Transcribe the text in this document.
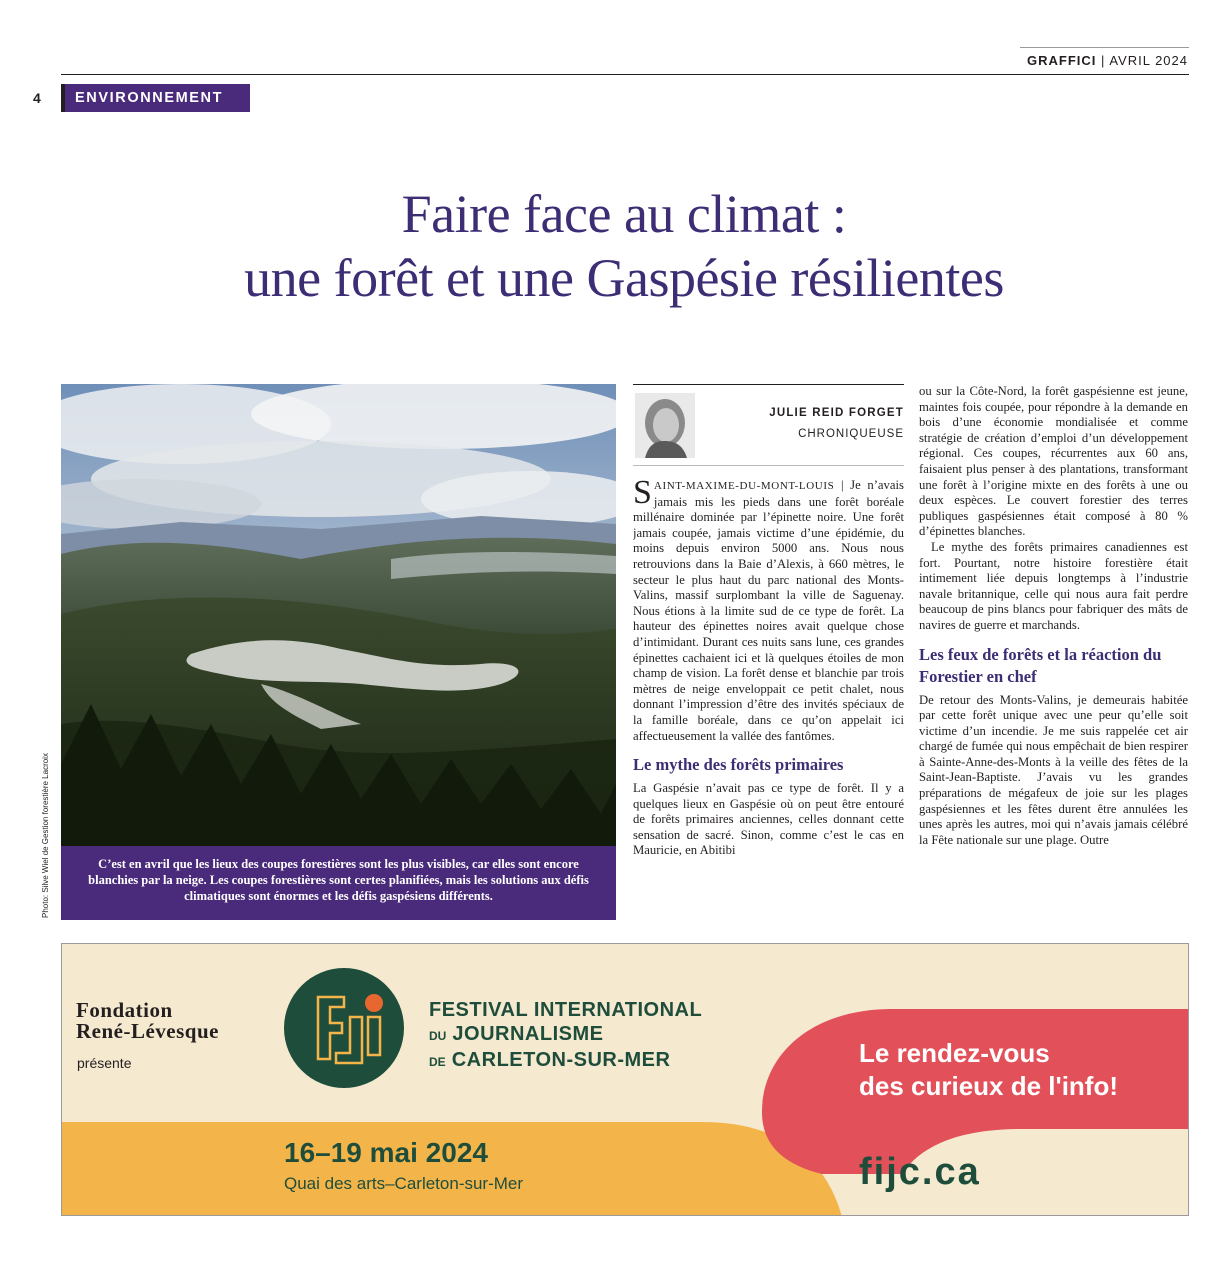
GRAFFICI | AVRIL 2024
4	ENVIRONNEMENT
Faire face au climat :
une forêt et une Gaspésie résilientes
C’est en avril que les lieux des coupes forestières sont les plus visibles, car elles sont encore blanchies par la neige. Les coupes forestières sont certes planifiées, mais les solutions aux défis climatiques sont énormes et les défis gaspésiens différents.
Photo: Silve Wiel de Gestion forestière Lacroix
JULIE REID FORGET
CHRONIQUEUSE

SAINT-MAXIME-DU-MONT-LOUIS | Je n’avais jamais mis les pieds dans une forêt boréale millénaire dominée par l’épinette noire. Une forêt jamais coupée, jamais victime d’une épidémie, du moins depuis environ 5000 ans. Nous nous retrouvions dans la Baie d’Alexis, à 660 mètres, le secteur le plus haut du parc national des Monts-Valins, massif surplombant la ville de Saguenay. Nous étions à la limite sud de ce type de forêt. La hauteur des épinettes noires avait quelque chose d’intimidant. Durant ces nuits sans lune, ces grandes épinettes cachaient ici et là quelques étoiles de mon champ de vision. La forêt dense et blanchie par trois mètres de neige enveloppait ce petit chalet, nous donnant l’impression d’être des invités spéciaux de la famille boréale, dans ce qu’on appelait ici affectueusement la vallée des fantômes.

Le mythe des forêts primaires

La Gaspésie n’avait pas ce type de forêt. Il y a quelques lieux en Gaspésie où on peut être entouré de forêts primaires anciennes, celles donnant cette sensation de sacré. Sinon, comme c’est le cas en Mauricie, en Abitibi

ou sur la Côte-Nord, la forêt gaspésienne est jeune, maintes fois coupée, pour répondre à la demande en bois d’une économie mondialisée et comme stratégie de création d’emploi d’un développement régional. Ces coupes, récurrentes aux 60 ans, faisaient plus penser à des plantations, transformant une forêt à l’origine mixte en des forêts à une ou deux espèces. Le couvert forestier des terres publiques gaspésiennes était composé à 80 % d’épinettes blanches.

Le mythe des forêts primaires canadiennes est fort. Pourtant, notre histoire forestière était intimement liée depuis longtemps à l’industrie navale britannique, celle qui nous aura fait perdre beaucoup de pins blancs pour fabriquer des mâts de navires de guerre et marchands.

Les feux de forêts et la réaction du Forestier en chef

De retour des Monts-Valins, je demeurais habitée par cette forêt unique avec une peur qu’elle soit victime d’un incendie. Je me suis rappelée cet air chargé de fumée qui nous empêchait de bien respirer à Sainte-Anne-des-Monts à la veille des fêtes de la Saint-Jean-Baptiste. J’avais vu les grandes préparations de mégafeux de joie sur les plages gaspésiennes et les fêtes durent être annulées les unes après les autres, moi qui n’avais jamais célébré la Fête nationale sur une plage. Outre

Fondation
René-Lévesque
présente
FESTIVAL INTERNATIONAL
DU JOURNALISME
DE CARLETON-SUR-MER	Le rendez-vous
des curieux de l'info!
16–19 mai 2024
Quai des arts–Carleton-sur-Mer	fijc.ca
